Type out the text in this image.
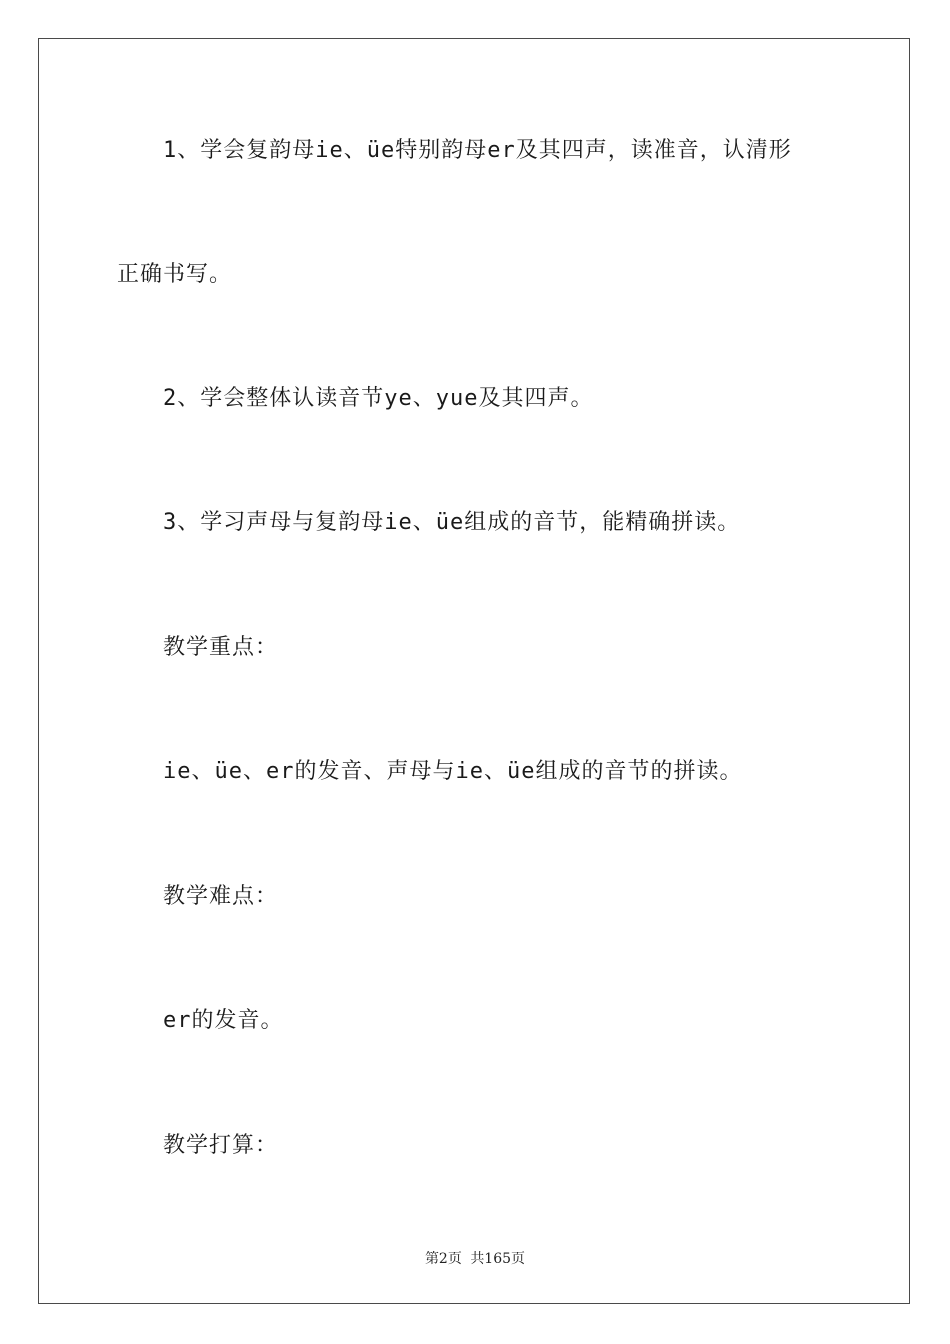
1、学会复韵母ie、üe特别韵母er及其四声，读准音，认清形
正确书写。
2、学会整体认读音节ye、yue及其四声。
3、学习声母与复韵母ie、üe组成的音节，能精确拼读。
教学重点：
ie、üe、er的发音、声母与ie、üe组成的音节的拼读。
教学难点：
er的发音。
教学打算：
第2页 共165页
